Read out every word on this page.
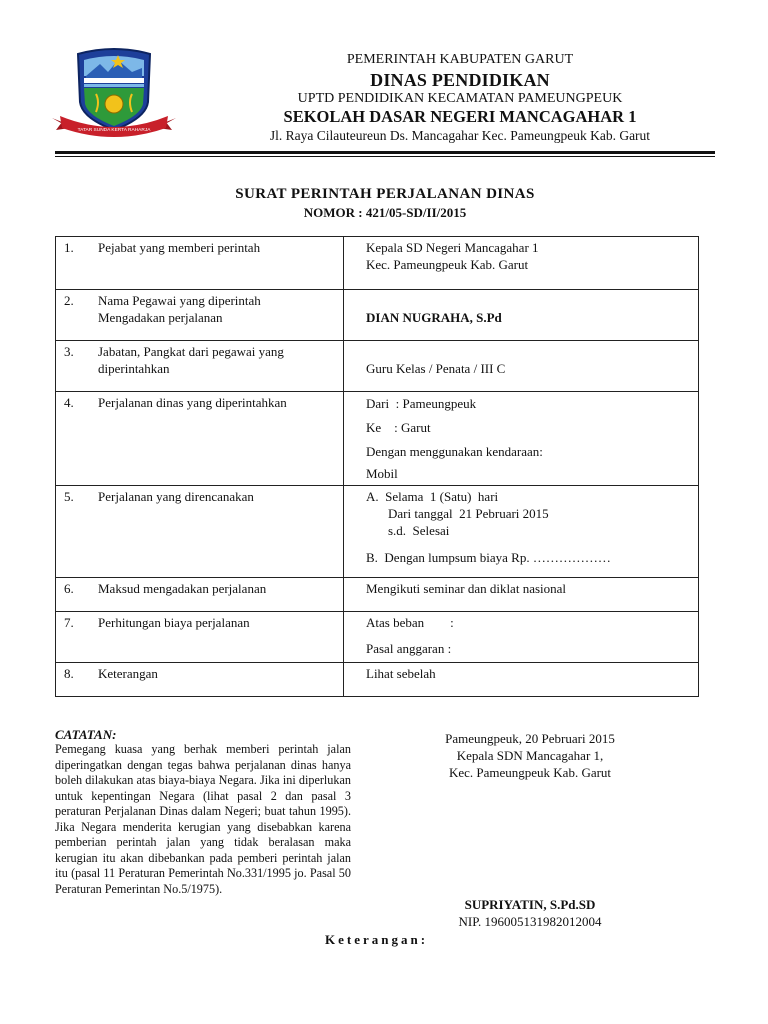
TATAR SUNDA KERTA RAHARJA
PEMERINTAH KABUPATEN GARUT
DINAS PENDIDIKAN
UPTD PENDIDIKAN KECAMATAN PAMEUNGPEUK
SEKOLAH DASAR NEGERI MANCAGAHAR 1
Jl. Raya Cilauteureun Ds. Mancagahar Kec. Pameungpeuk Kab. Garut
SURAT PERINTAH PERJALANAN DINAS
NOMOR : 421/05-SD/II/2015
1. Pejabat yang memberi perintah	Kepala SD Negeri Mancagahar 1
Kec. Pameungpeuk Kab. Garut

2. Nama Pegawai yang diperintah
Mengadakan perjalanan	DIAN NUGRAHA, S.Pd

3. Jabatan, Pangkat dari pegawai yang
diperintahkan	Guru Kelas / Penata / III C

4. Perjalanan dinas yang diperintahkan	Dari  : Pameungpeuk
Ke    : Garut
Dengan menggunakan kendaraan:
Mobil

5. Perjalanan yang direncanakan	A.  Selama  1 (Satu)  hari
Dari tanggal  21 Pebruari 2015
s.d.  Selesai
B.  Dengan lumpsum biaya Rp. ………………

6. Maksud mengadakan perjalanan	Mengikuti seminar dan diklat nasional

7. Perhitungan biaya perjalanan	Atas beban        :
Pasal anggaran :

8. Keterangan	Lihat sebelah
CATATAN:
Pemegang kuasa yang berhak memberi perintah jalan diperingatkan dengan tegas bahwa perjalanan dinas hanya boleh dilakukan atas biaya-biaya Negara. Jika ini diperlukan untuk kepentingan Negara (lihat pasal 2 dan pasal 3 peraturan Perjalanan Dinas dalam Negeri; buat tahun 1995). Jika Negara menderita kerugian yang disebabkan karena pemberian perintah jalan yang tidak beralasan maka kerugian itu akan dibebankan pada pemberi perintah jalan itu (pasal 11 Peraturan Pemerintah No.331/1995 jo. Pasal 50 Peraturan Pemerintan No.5/1975).
Pameungpeuk, 20 Pebruari 2015
Kepala SDN Mancagahar 1,
Kec. Pameungpeuk Kab. Garut
SUPRIYATIN, S.Pd.SD
NIP. 196005131982012004
Keterangan:
